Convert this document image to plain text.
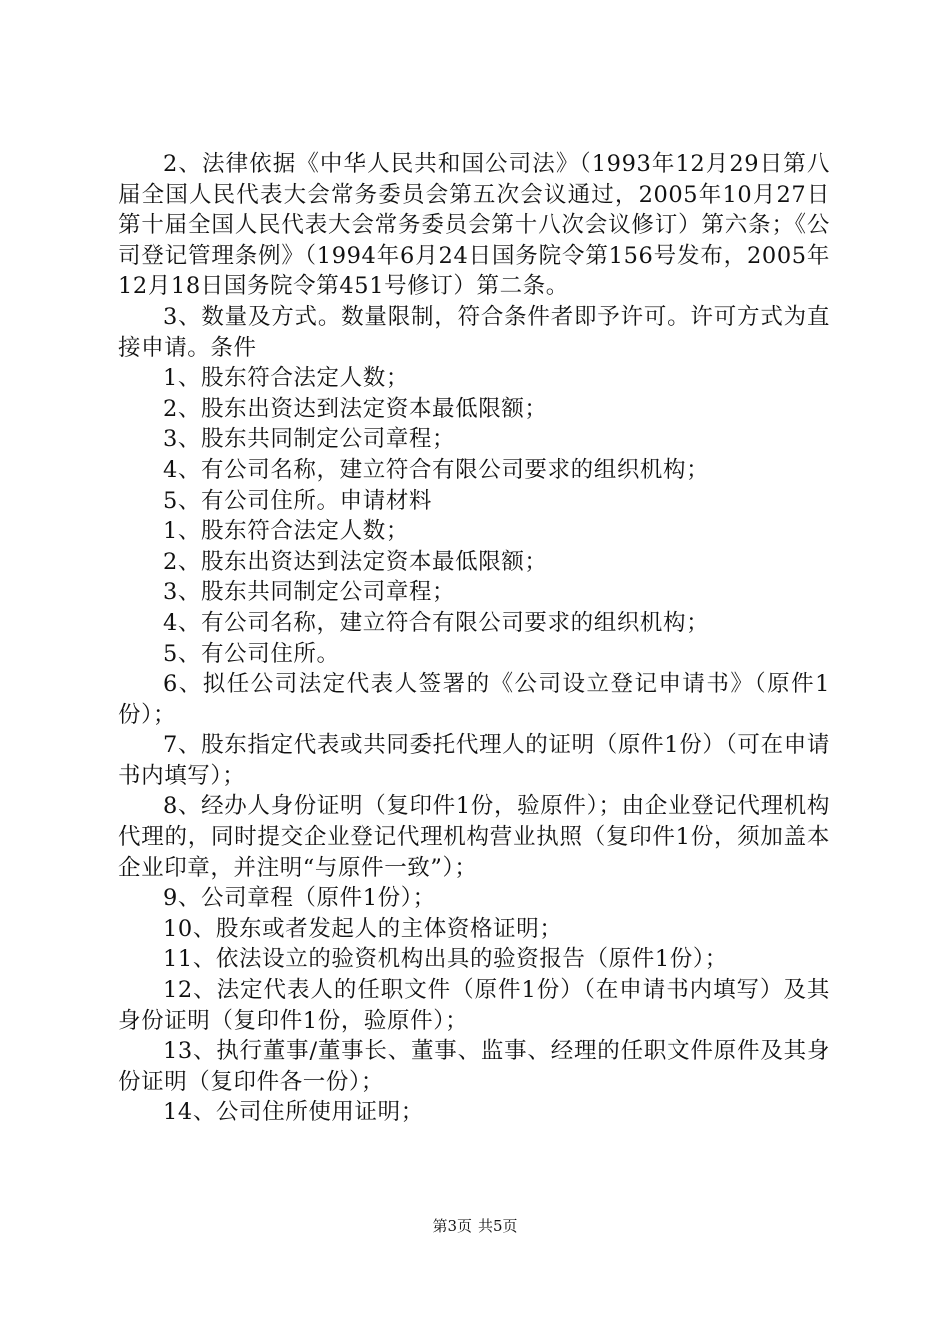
2、法律依据《中华人民共和国公司法》（1993年12月29日第八届全国人民代表大会常务委员会第五次会议通过，2005年10月27日第十届全国人民代表大会常务委员会第十八次会议修订）第六条；《公司登记管理条例》（1994年6月24日国务院令第156号发布，2005年12月18日国务院令第451号修订）第二条。

3、数量及方式。数量限制，符合条件者即予许可。许可方式为直接申请。条件

1、股东符合法定人数；

2、股东出资达到法定资本最低限额；

3、股东共同制定公司章程；

4、有公司名称，建立符合有限公司要求的组织机构；

5、有公司住所。申请材料

1、股东符合法定人数；

2、股东出资达到法定资本最低限额；

3、股东共同制定公司章程；

4、有公司名称，建立符合有限公司要求的组织机构；

5、有公司住所。

6、拟任公司法定代表人签署的《公司设立登记申请书》（原件1份）；

7、股东指定代表或共同委托代理人的证明（原件1份）（可在申请书内填写）；

8、经办人身份证明（复印件1份，验原件）；由企业登记代理机构代理的，同时提交企业登记代理机构营业执照（复印件1份，须加盖本企业印章，并注明“与原件一致”）；

9、公司章程（原件1份）；

10、股东或者发起人的主体资格证明；

11、依法设立的验资机构出具的验资报告（原件1份）；

12、法定代表人的任职文件（原件1份）（在申请书内填写）及其身份证明（复印件1份，验原件）；

13、执行董事/董事长、董事、监事、经理的任职文件原件及其身份证明（复印件各一份）；

14、公司住所使用证明；

第3页 共5页
